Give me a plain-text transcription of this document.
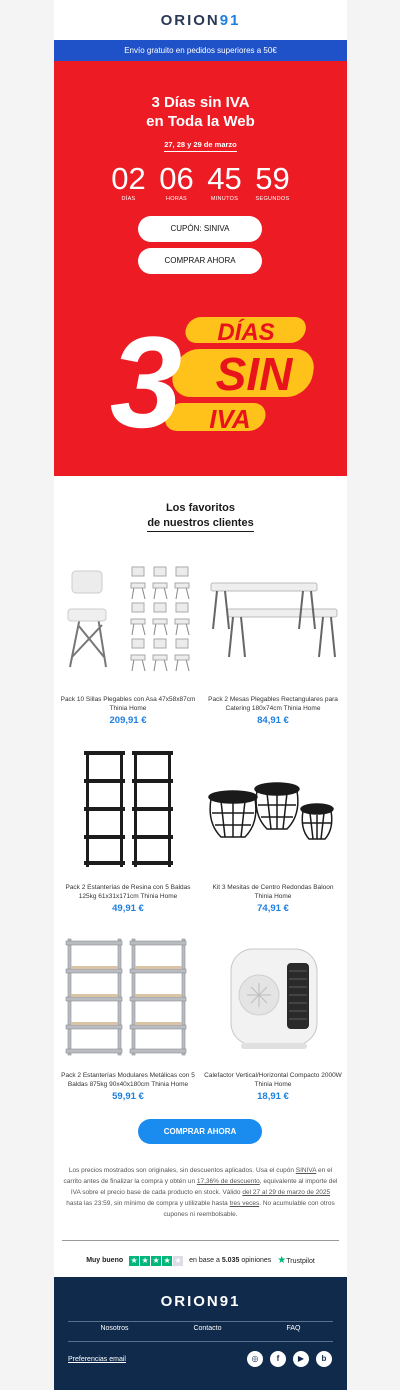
ORION91
Envío gratuito en pedidos superiores a 50€
3 Días sin IVA
en Toda la Web
27, 28 y 29 de marzo
02
DÍAS
06
HORAS
45
MINUTOS
59
SEGUNDOS
CUPÓN: SINIVA
COMPRAR AHORA
3 DÍAS
SIN
IVA
Los favoritos
de nuestros clientes
Pack 10 Sillas Plegables con Asa 47x58x87cm Thinia Home
209,91 €
Pack 2 Mesas Plegables Rectangulares para Catering 180x74cm Thinia Home
84,91 €
Pack 2 Estanterías de Resina con 5 Baldas 125kg 61x31x171cm Thinia Home
49,91 €
Kit 3 Mesitas de Centro Redondas Baloon Thinia Home
74,91 €
Pack 2 Estanterías Modulares Metálicas con 5 Baldas 875kg 90x40x180cm Thinia Home
59,91 €
Calefactor Vertical/Horizontal Compacto 2000W Thinia Home
18,91 €
COMPRAR AHORA
Los precios mostrados son originales, sin descuentos aplicados. Usa el cupón SINIVA en el carrito antes de finalizar la compra y obtén un 17,36% de descuento, equivalente al importe del IVA sobre el precio base de cada producto en stock. Válido del 27 al 29 de marzo de 2025 hasta las 23:59, sin mínimo de compra y utilizable hasta tres veces. No acumulable con otros cupones ni reembolsable.
Muy bueno ★ ★ ★ ★ ★ en base a 5.035 opiniones ★Trustpilot
ORION91
Nosotros	Contacto	FAQ
Preferencias email	◎	f	▶	b
